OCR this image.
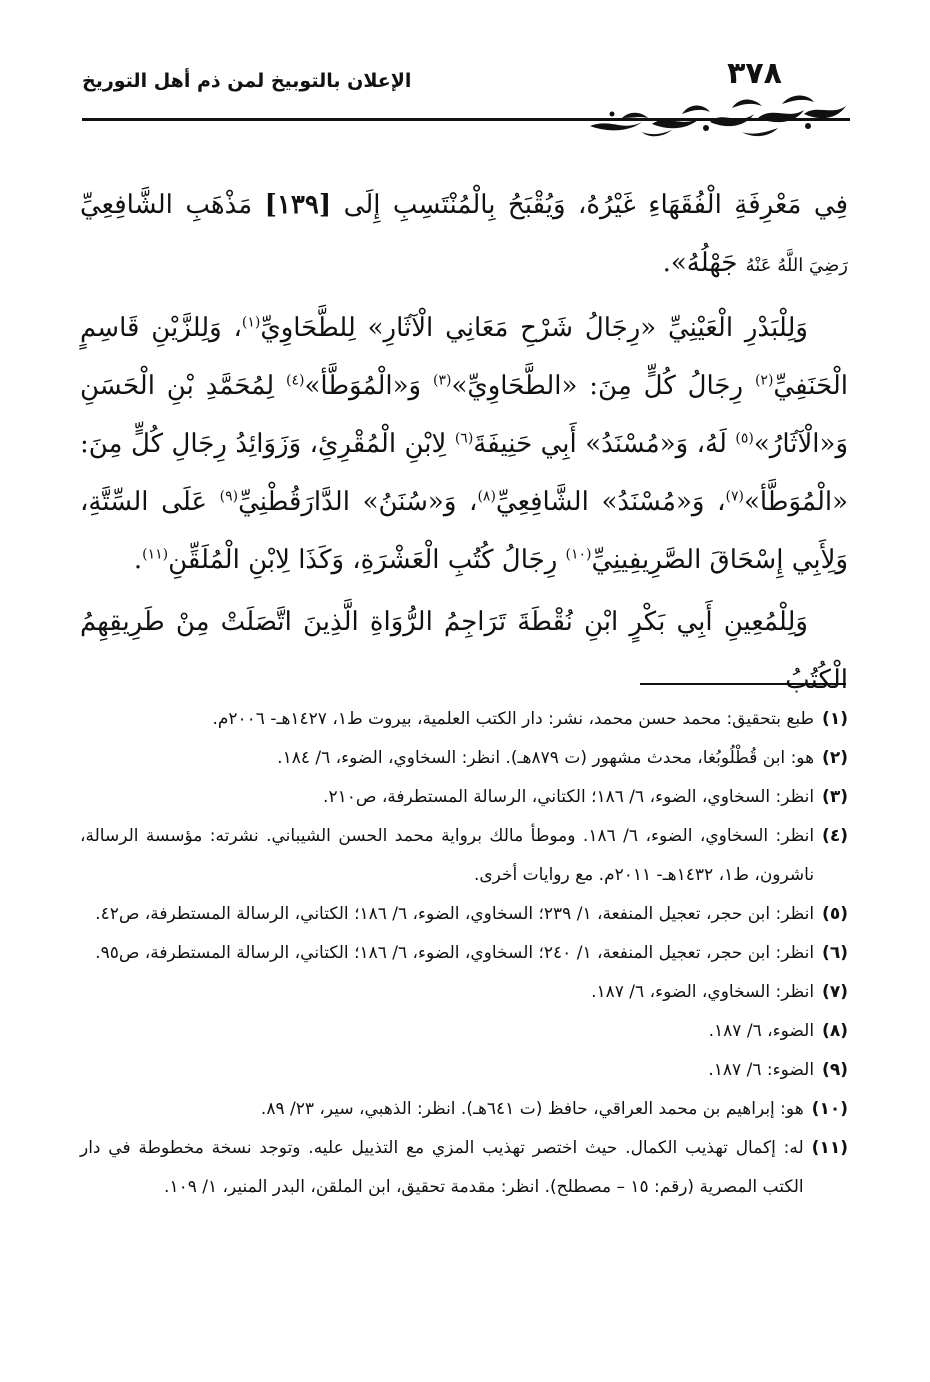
٣٧٨
الإعلان بالتوبيخ لمن ذم أهل التوريخ

فِي مَعْرِفَةِ الْفُقَهَاءِ غَيْرُهُ، وَيُقْبَحُ بِالْمُنْتَسِبِ إِلَى [١٣٩] مَذْهَبِ الشَّافِعِيِّ رَضِيَ اللَّهُ عَنْهُ جَهْلُهُ».

وَلِلْبَدْرِ الْعَيْنِيِّ «رِجَالُ شَرْحِ مَعَانِي الْآثَارِ» لِلطَّحَاوِيِّ$^{(١)}$، وَلِلزَّيْنِ قَاسِمٍ الْحَنَفِيِّ$^{(٢)}$ رِجَالُ كُلٍّ مِنَ: «الطَّحَاوِيِّ»$^{(٣)}$ وَ«الْمُوَطَّأ»$^{(٤)}$ لِمُحَمَّدِ بْنِ الْحَسَنِ وَ«الْآثَارُ»$^{(٥)}$ لَهُ، وَ«مُسْنَدُ» أَبِي حَنِيفَةَ$^{(٦)}$ لِابْنِ الْمُقْرِئِ، وَزَوَائِدُ رِجَالِ كُلٍّ مِنَ: «الْمُوَطَّأ»$^{(٧)}$، وَ«مُسْنَدُ» الشَّافِعِيِّ$^{(٨)}$، وَ«سُنَنُ» الدَّارَقُطْنِيِّ$^{(٩)}$ عَلَى السِّتَّةِ، وَلِأَبِي إِسْحَاقَ الصَّرِيفِينِيِّ$^{(١٠)}$ رِجَالُ كُتُبِ الْعَشْرَةِ، وَكَذَا لِابْنِ الْمُلَقِّنِ$^{(١١)}$.

وَلِلْمُعِينِ أَبِي بَكْرٍ ابْنِ نُقْطَةَ تَرَاجِمُ الرُّوَاةِ الَّذِينَ اتَّصَلَتْ مِنْ طَرِيقِهِمُ الْكُتُبُ

(١)
طبع بتحقيق: محمد حسن محمد، نشر: دار الكتب العلمية، بيروت ط١، ١٤٢٧هـ- ٢٠٠٦م.
(٢)
هو: ابن قُطْلُوبُغا، محدث مشهور (ت ٨٧٩هـ). انظر: السخاوي، الضوء، ٦/ ١٨٤.
(٣)
انظر: السخاوي، الضوء، ٦/ ١٨٦؛ الكتاني، الرسالة المستطرفة، ص٢١٠.
(٤)
انظر: السخاوي، الضوء، ٦/ ١٨٦. وموطأ مالك برواية محمد الحسن الشيباني. نشرته: مؤسسة الرسالة، ناشرون، ط١، ١٤٣٢هـ- ٢٠١١م. مع روايات أخرى.
(٥)
انظر: ابن حجر، تعجيل المنفعة، ١/ ٢٣٩؛ السخاوي، الضوء، ٦/ ١٨٦؛ الكتاني، الرسالة المستطرفة، ص٤٢.
(٦)
انظر: ابن حجر، تعجيل المنفعة، ١/ ٢٤٠؛ السخاوي، الضوء، ٦/ ١٨٦؛ الكتاني، الرسالة المستطرفة، ص٩٥.
(٧)
انظر: السخاوي، الضوء، ٦/ ١٨٧.
(٨)
الضوء، ٦/ ١٨٧.
(٩)
الضوء: ٦/ ١٨٧.
(١٠)
هو: إبراهيم بن محمد العراقي، حافظ (ت ٦٤١هـ). انظر: الذهبي، سير، ٢٣/ ٨٩.
(١١)
له: إكمال تهذيب الكمال. حيث اختصر تهذيب المزي مع التذييل عليه. وتوجد نسخة مخطوطة في دار الكتب المصرية (رقم: ١٥ – مصطلح). انظر: مقدمة تحقيق، ابن الملقن، البدر المنير، ١/ ١٠٩.
